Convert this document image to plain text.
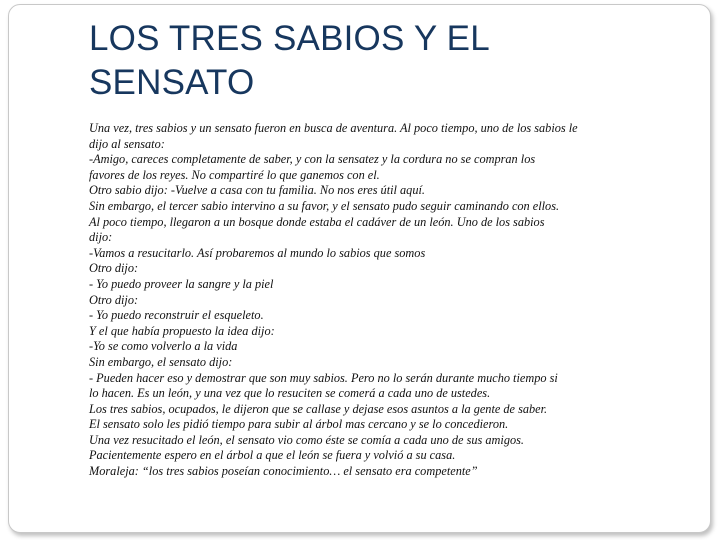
LOS TRES SABIOS Y EL
SENSATO

Una vez, tres sabios y un sensato fueron en busca de aventura. Al poco tiempo, uno de los sabios le
dijo al sensato:
-Amigo, careces completamente de saber, y con la sensatez y la cordura no se compran los
favores de los reyes. No compartiré lo que ganemos con el.
Otro sabio dijo: -Vuelve a casa con tu familia. No nos eres útil aquí.
Sin embargo, el tercer sabio intervino a su favor, y el sensato pudo seguir caminando con ellos.
Al poco tiempo, llegaron a un bosque donde estaba el cadáver de un león. Uno de los sabios
dijo:
-Vamos a resucitarlo. Así probaremos al mundo lo sabios que somos
Otro dijo:
- Yo puedo proveer la sangre y la piel
Otro dijo:
- Yo puedo reconstruir el esqueleto.
Y el que había propuesto la idea dijo:
-Yo se como volverlo a la vida
Sin embargo, el sensato dijo:
- Pueden hacer eso y demostrar que son muy sabios. Pero no lo serán durante mucho tiempo si
lo hacen. Es un león, y una vez que lo resuciten se comerá a cada uno de ustedes.
Los tres sabios, ocupados, le dijeron que se callase y dejase esos asuntos a la gente de saber.
El sensato solo les pidió tiempo para subir al árbol mas cercano y se lo concedieron.
Una vez resucitado el león, el sensato vio como éste se comía a cada uno de sus amigos.
Pacientemente espero en el árbol a que el león se fuera y volvió a su casa.

Moraleja: “los tres sabios poseían conocimiento… el sensato era competente”
